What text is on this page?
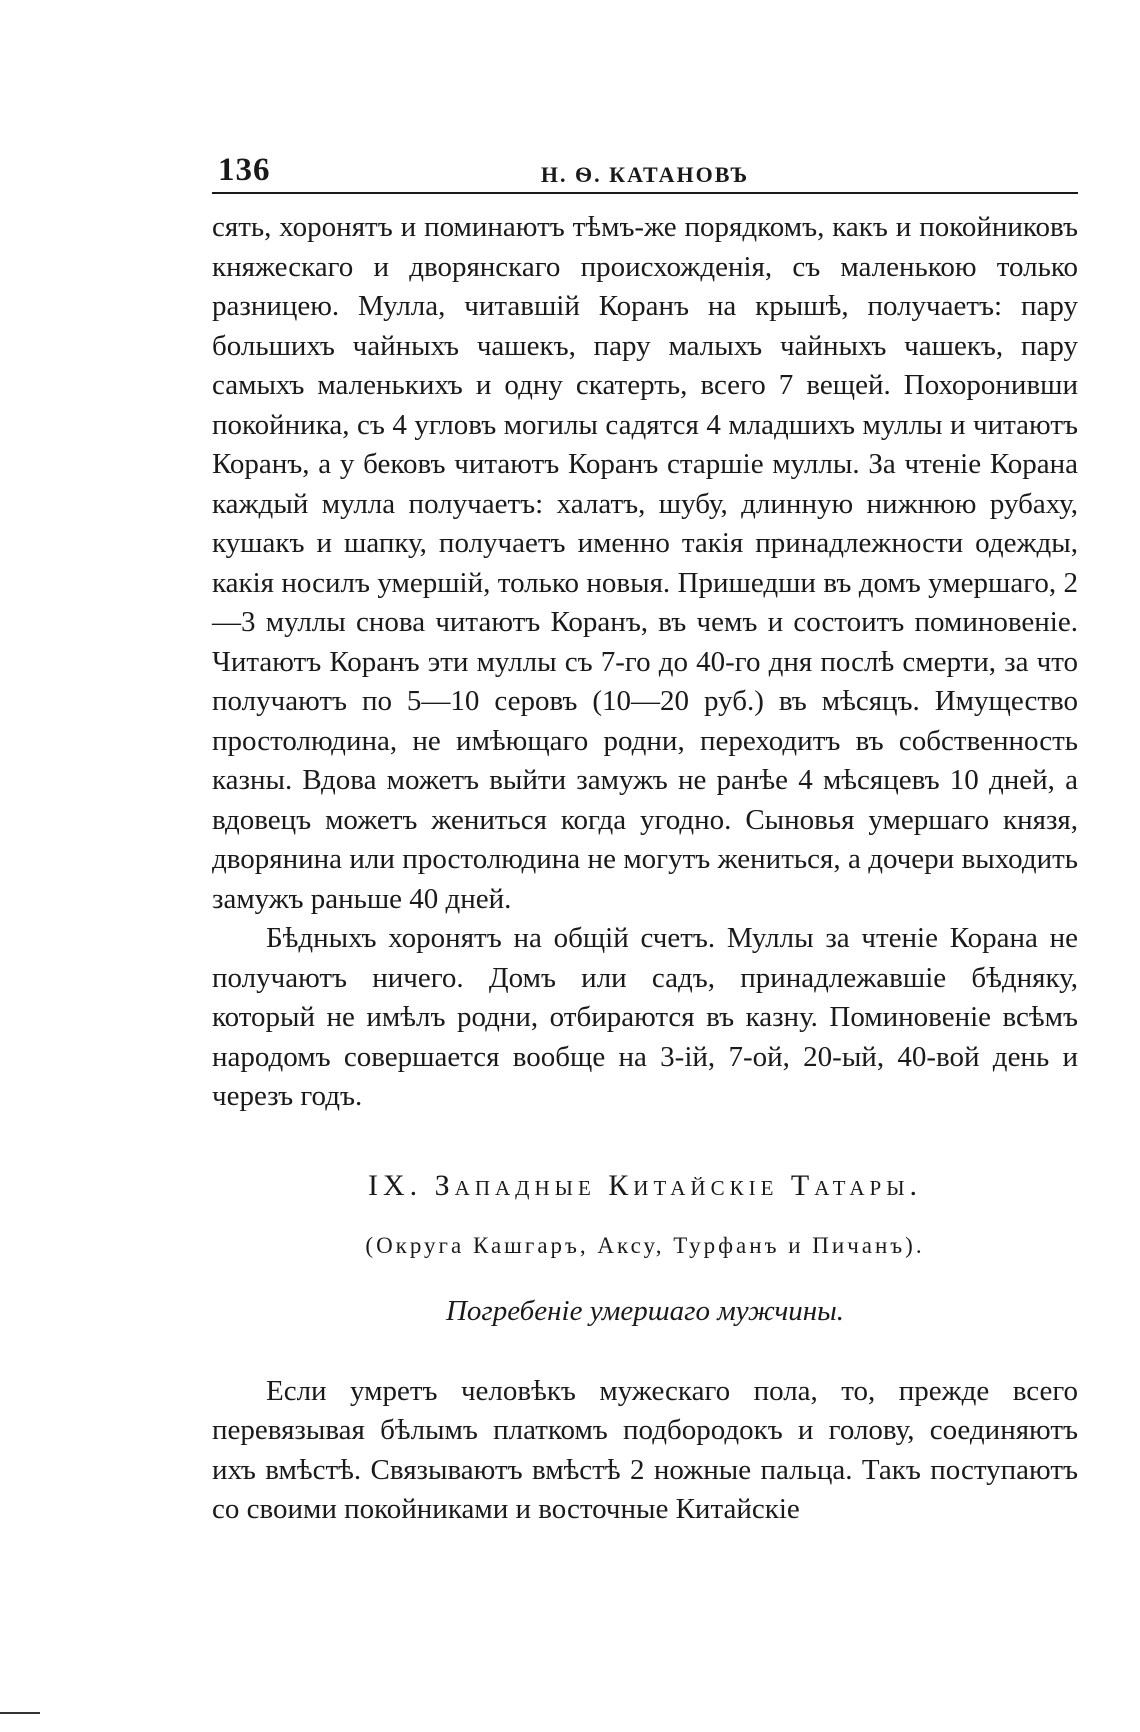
136	Н. Ѳ. КАТАНОВЪ

сять, хоронятъ и поминаютъ тѣмъ-же порядкомъ, какъ и покойниковъ княжескаго и дворянскаго происхожденія, съ маленькою только разницею. Мулла, читавшій Коранъ на крышѣ, получаетъ: пару большихъ чайныхъ чашекъ, пару малыхъ чайныхъ чашекъ, пару самыхъ маленькихъ и одну скатерть, всего 7 вещей. Похоронивши покойника, съ 4 угловъ могилы садятся 4 младшихъ муллы и читаютъ Коранъ, а у бековъ читаютъ Коранъ старшіе муллы. За чтеніе Корана каждый мулла получаетъ: халатъ, шубу, длинную нижнюю рубаху, кушакъ и шапку, получаетъ именно такія принадлежности одежды, какія носилъ умершій, только новыя. Пришедши въ домъ умершаго, 2—3 муллы снова читаютъ Коранъ, въ чемъ и состоитъ поминовеніе. Читаютъ Коранъ эти муллы съ 7-го до 40-го дня послѣ смерти, за что получаютъ по 5—10 серовъ (10—20 руб.) въ мѣсяцъ. Имущество простолюдина, не имѣющаго родни, переходитъ въ собственность казны. Вдова можетъ выйти замужъ не ранѣе 4 мѣсяцевъ 10 дней, а вдовецъ можетъ жениться когда угодно. Сыновья умершаго князя, дворянина или простолюдина не могутъ жениться, а дочери выходить замужъ раньше 40 дней.

Бѣдныхъ хоронятъ на общій счетъ. Муллы за чтеніе Корана не получаютъ ничего. Домъ или садъ, принадлежавшіе бѣдняку, который не имѣлъ родни, отбираются въ казну. Поминовеніе всѣмъ народомъ совершается вообще на 3-ій, 7-ой, 20-ый, 40-вой день и черезъ годъ.

IX. Западные Китайскіе Татары.
(Округа Кашгаръ, Аксу, Турфанъ и Пичанъ).
Погребеніе умершаго мужчины.

Если умретъ человѣкъ мужескаго пола, то, прежде всего перевязывая бѣлымъ платкомъ подбородокъ и голову, соединяютъ ихъ вмѣстѣ. Связываютъ вмѣстѣ 2 ножные пальца. Такъ поступаютъ со своими покойниками и восточные Китайскіе
